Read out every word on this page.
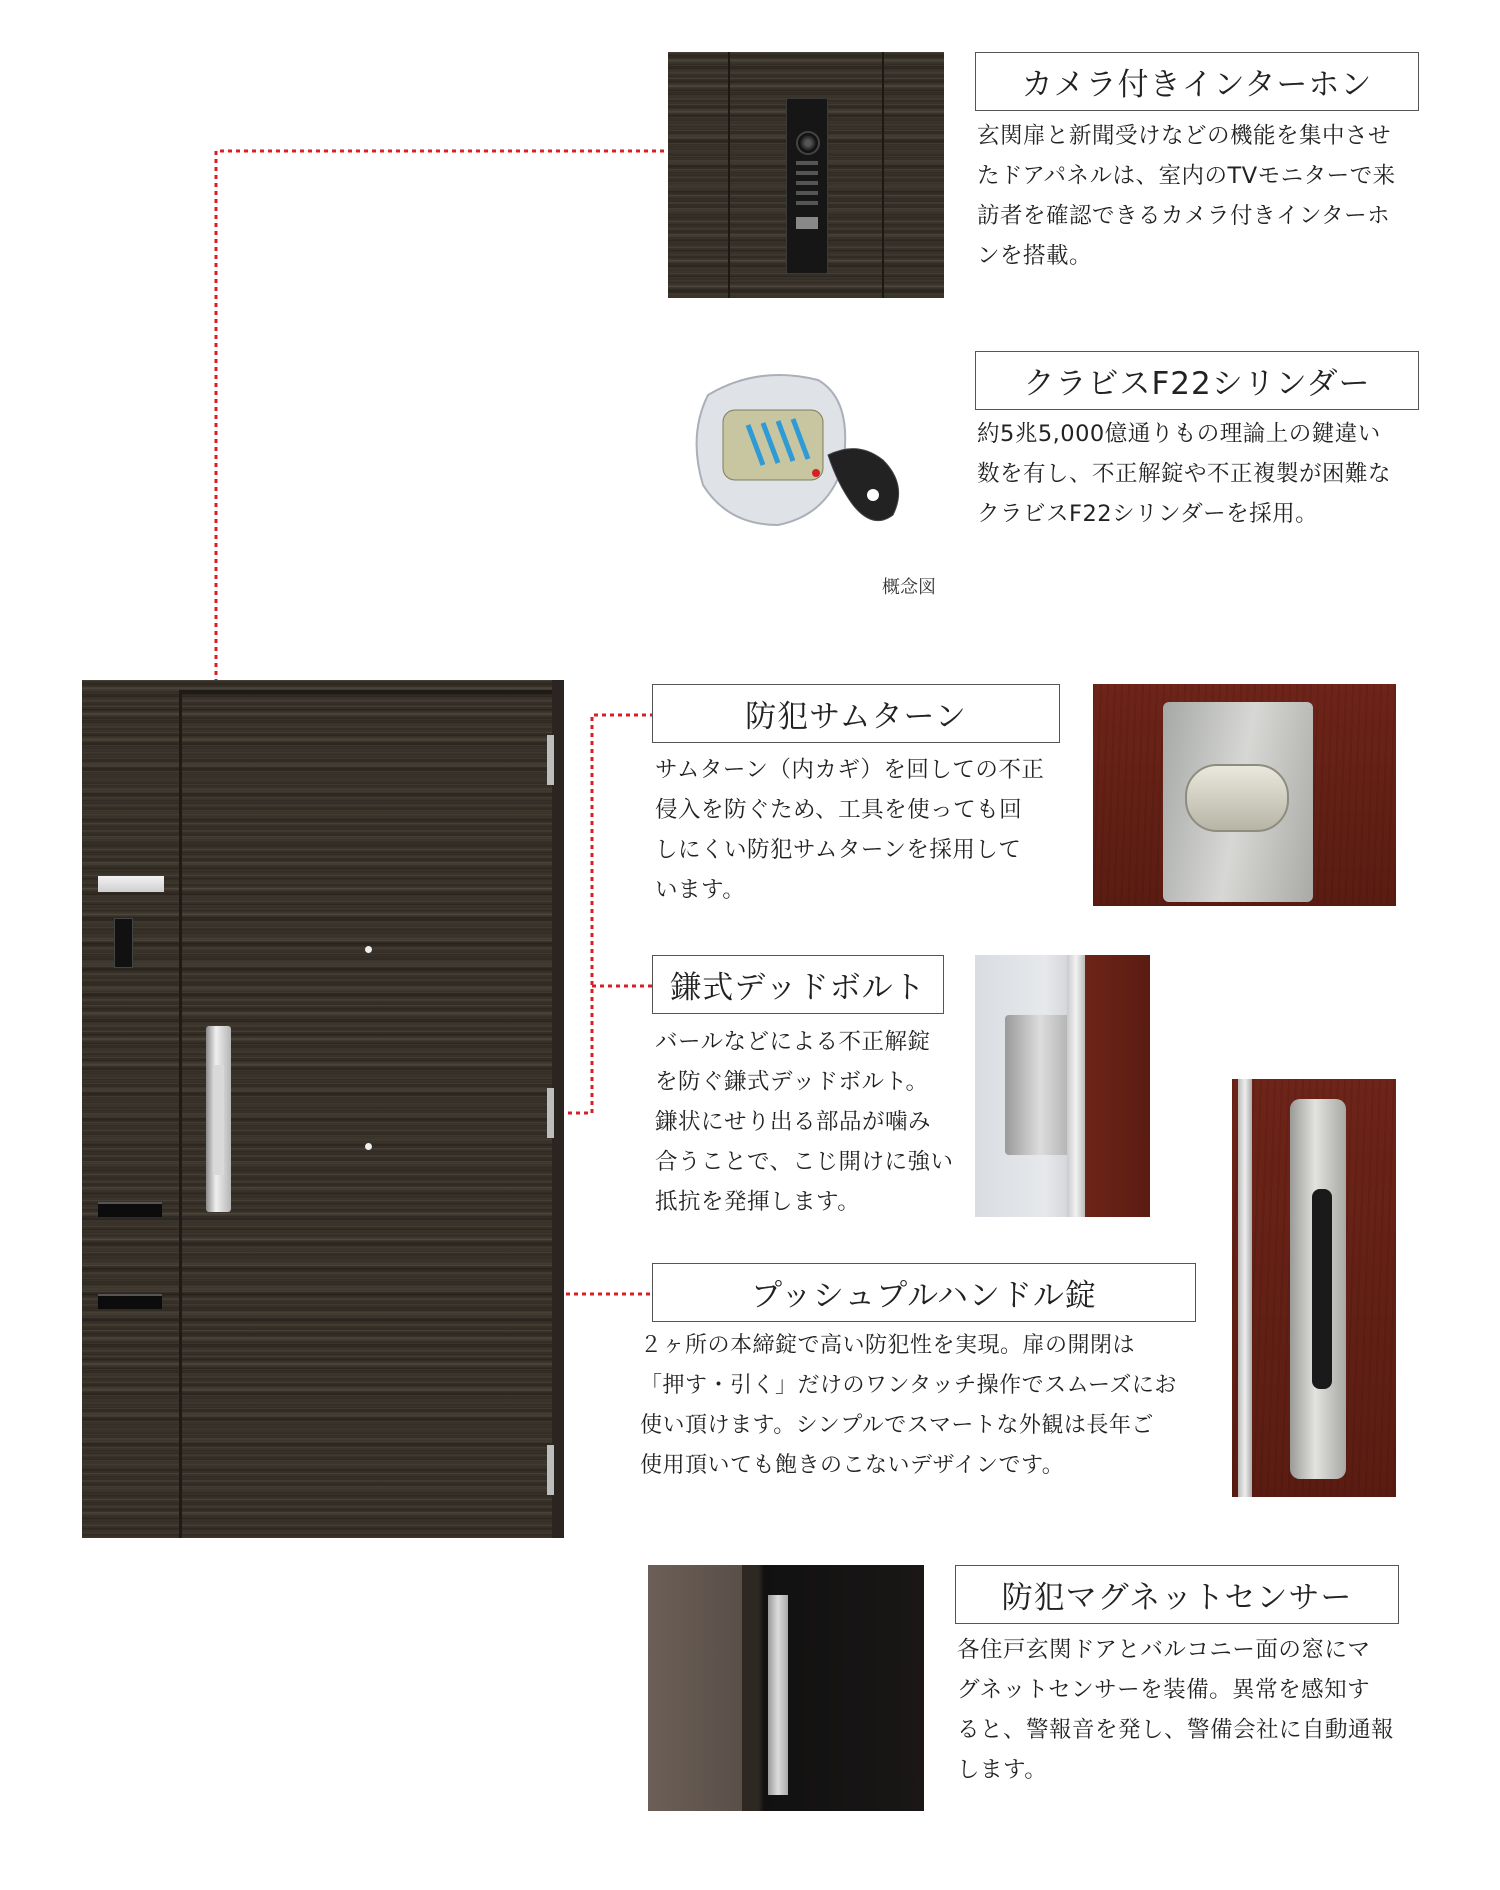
カメラ付きインターホン
玄関扉と新聞受けなどの機能を集中させ
たドアパネルは、室内のTVモニターで来
訪者を確認できるカメラ付きインターホ
ンを搭載。
概念図
クラビスF22シリンダー
約5兆5,000億通りもの理論上の鍵違い
数を有し、不正解錠や不正複製が困難な
クラビスF22シリンダーを採用。
防犯サムターン
サムターン（内カギ）を回しての不正
侵入を防ぐため、工具を使っても回
しにくい防犯サムターンを採用して
います。
鎌式デッドボルト
バールなどによる不正解錠
を防ぐ鎌式デッドボルト。
鎌状にせり出る部品が噛み
合うことで、こじ開けに強い
抵抗を発揮します。
プッシュプルハンドル錠
２ヶ所の本締錠で高い防犯性を実現。扉の開閉は
「押す・引く」だけのワンタッチ操作でスムーズにお
使い頂けます。シンプルでスマートな外観は長年ご
使用頂いても飽きのこないデザインです。
防犯マグネットセンサー
各住戸玄関ドアとバルコニー面の窓にマ
グネットセンサーを装備。異常を感知す
ると、警報音を発し、警備会社に自動通報
します。
